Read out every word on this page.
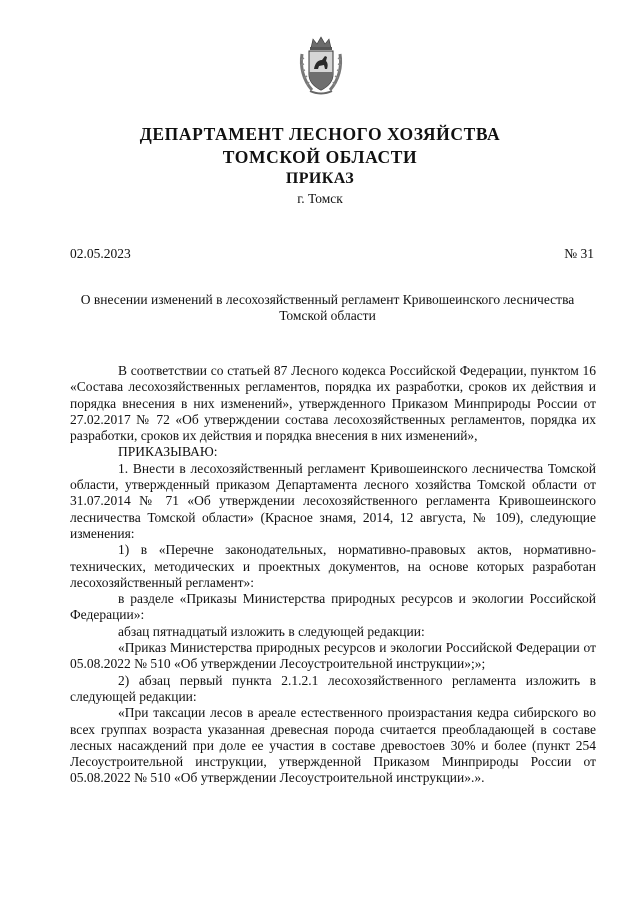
ДЕПАРТАМЕНТ ЛЕСНОГО ХОЗЯЙСТВА
ТОМСКОЙ ОБЛАСТИ
ПРИКАЗ
г. Томск
02.05.2023	№ 31

О внесении изменений в лесохозяйственный регламент Кривошеинского лесничества Томской области

В соответствии со статьей 87 Лесного кодекса Российской Федерации, пунктом 16 «Состава лесохозяйственных регламентов, порядка их разработки, сроков их действия и порядка внесения в них изменений», утвержденного Приказом Минприроды России от 27.02.2017 № 72 «Об утверждении состава лесохозяйственных регламентов, порядка их разработки, сроков их действия и порядка внесения в них изменений»,

ПРИКАЗЫВАЮ:

1. Внести в лесохозяйственный регламент Кривошеинского лесничества Томской области, утвержденный приказом Департамента лесного хозяйства Томской области от 31.07.2014 № 71 «Об утверждении лесохозяйственного регламента Кривошеинского лесничества Томской области» (Красное знамя, 2014, 12 августа, № 109), следующие изменения:

1) в «Перечне законодательных, нормативно-правовых актов, нормативно-технических, методических и проектных документов, на основе которых разработан лесохозяйственный регламент»:

в разделе «Приказы Министерства природных ресурсов и экологии Российской Федерации»:

абзац пятнадцатый изложить в следующей редакции:

«Приказ Министерства природных ресурсов и экологии Российской Федерации от 05.08.2022 № 510 «Об утверждении Лесоустроительной инструкции»;»;

2) абзац первый пункта 2.1.2.1 лесохозяйственного регламента изложить в следующей редакции:

«При таксации лесов в ареале естественного произрастания кедра сибирского во всех группах возраста указанная древесная порода считается преобладающей в составе лесных насаждений при доле ее участия в составе древостоев 30% и более (пункт 254 Лесоустроительной инструкции, утвержденной Приказом Минприроды России от 05.08.2022 № 510 «Об утверждении Лесоустроительной инструкции».».
